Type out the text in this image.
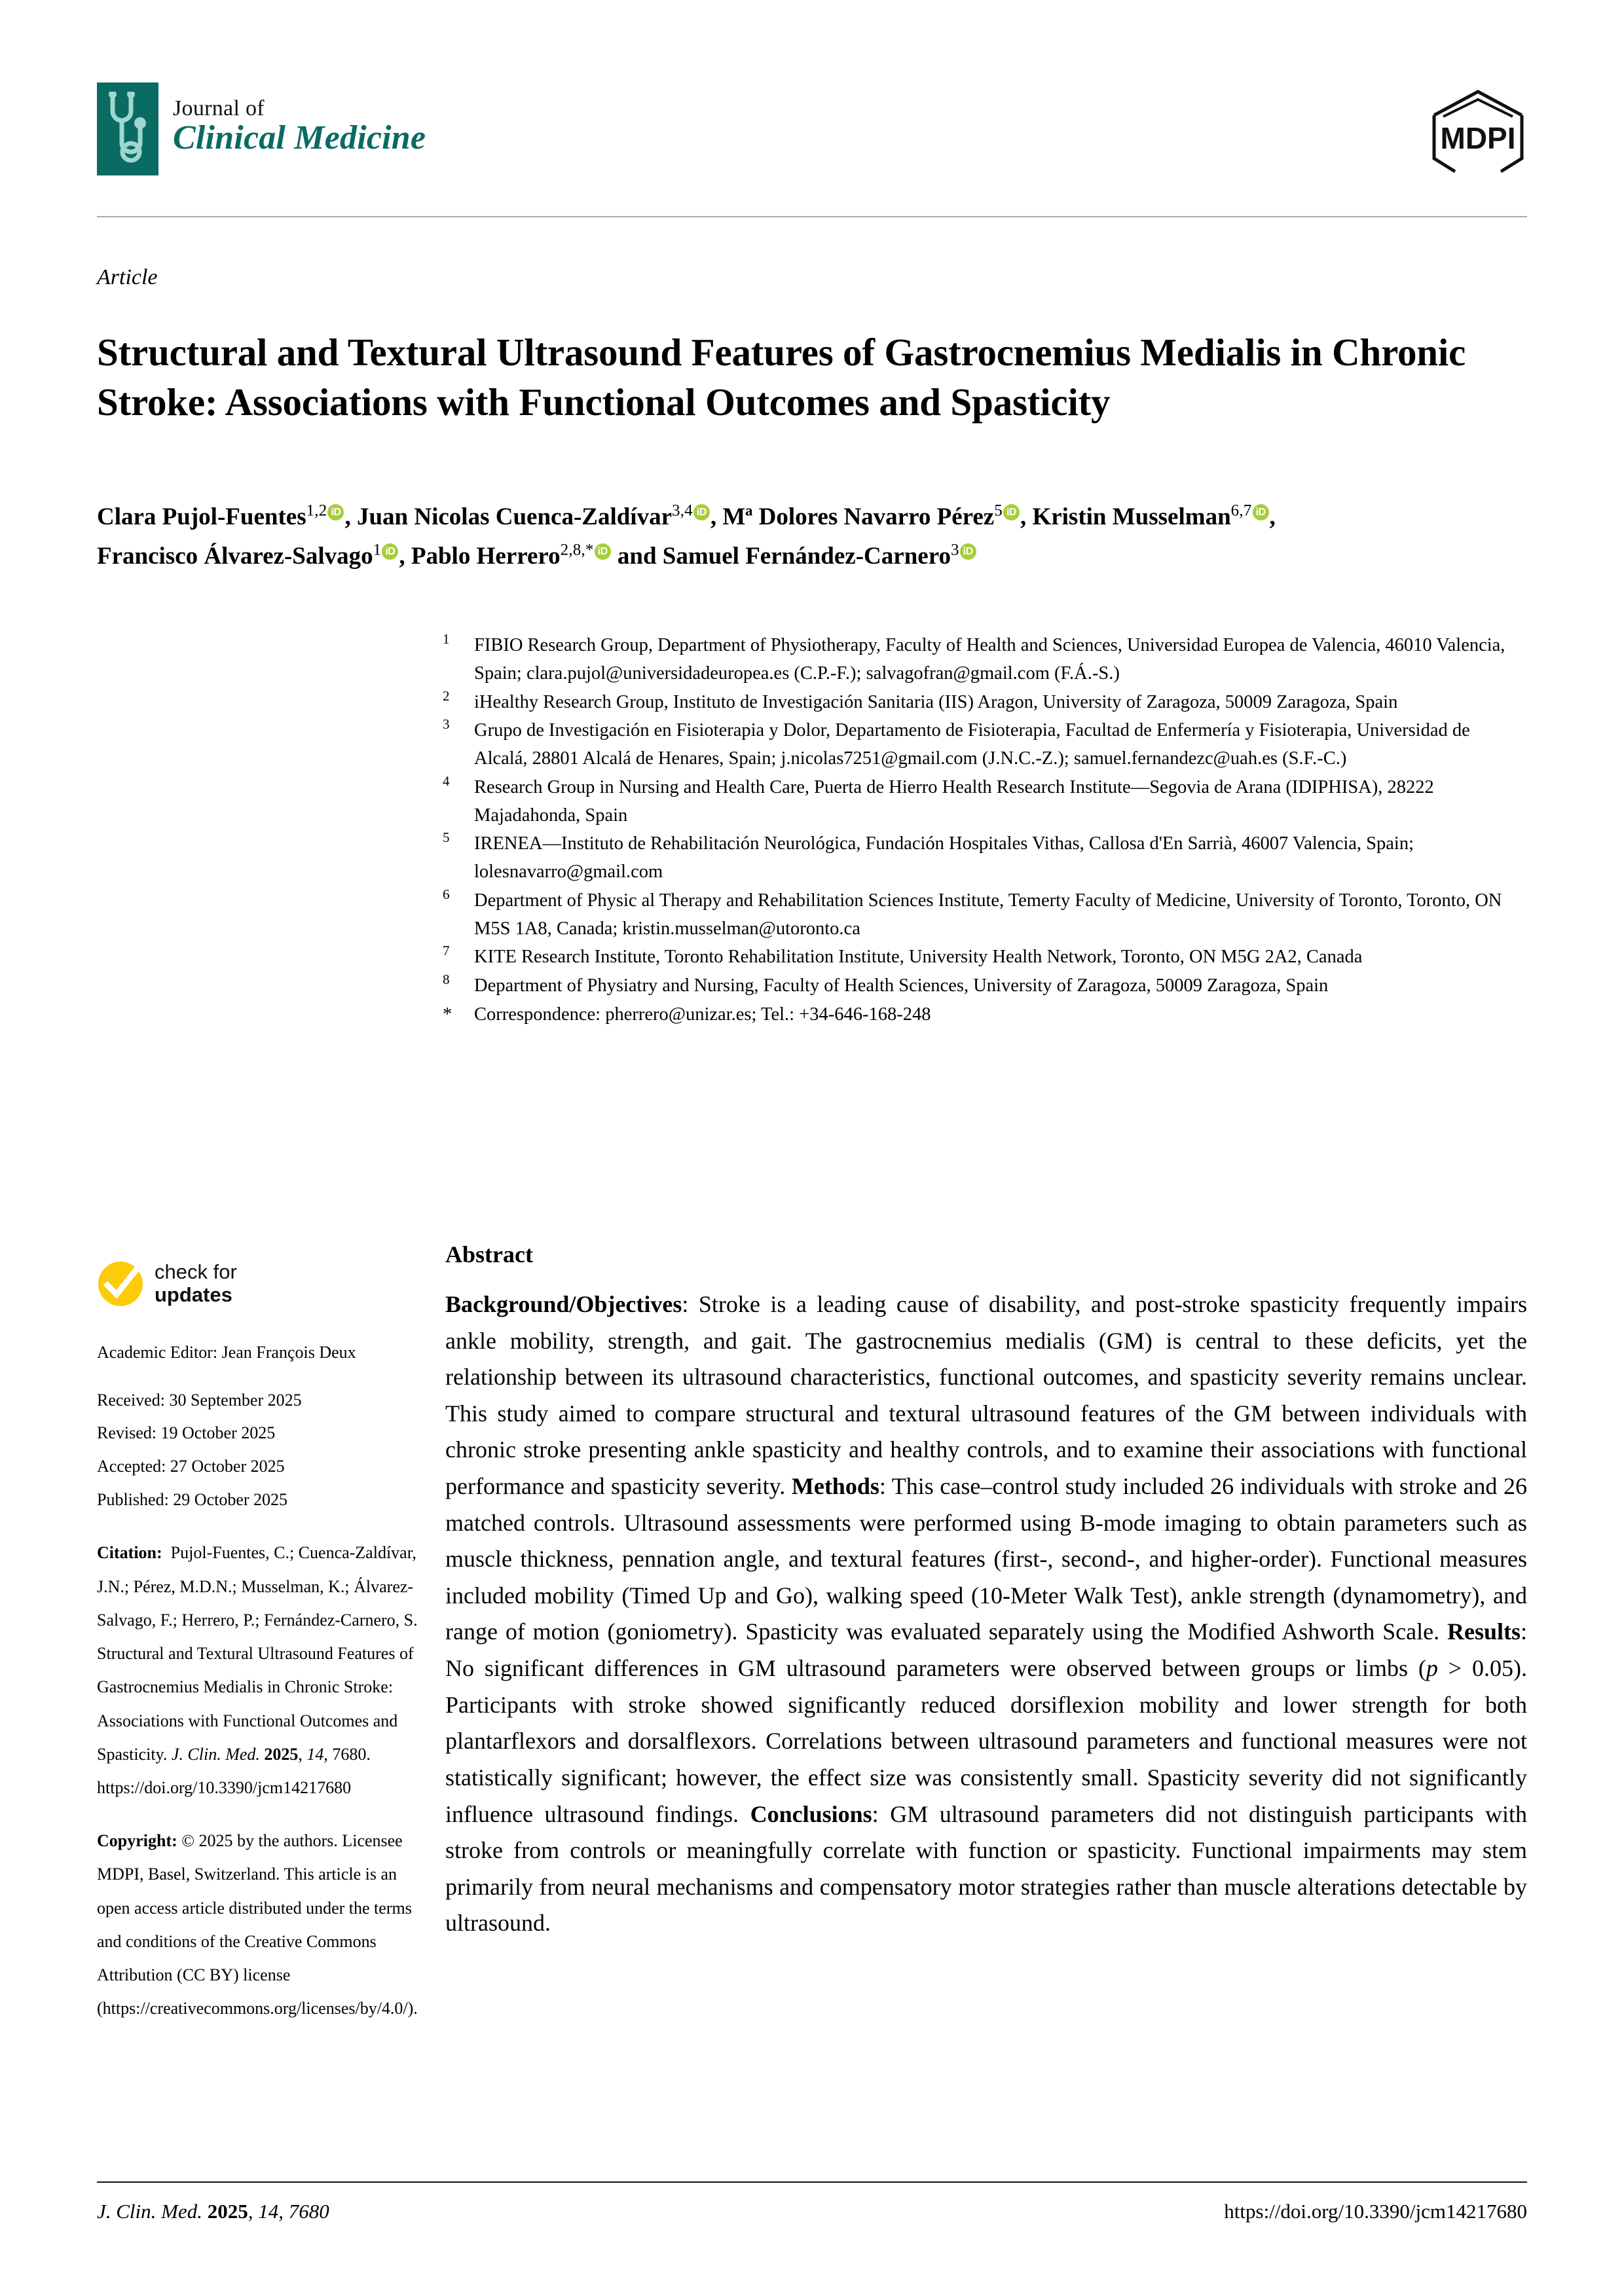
Journal of
Clinical Medicine	MDPI
Article
Structural and Textural Ultrasound Features of Gastrocnemius Medialis in Chronic Stroke: Associations with Functional Outcomes and Spasticity
Clara Pujol-Fuentes$^{1,2}$ iD , Juan Nicolas Cuenca-Zaldívar$^{3,4}$ iD , Mª Dolores Navarro Pérez$^5$ iD , Kristin Musselman$^{6,7}$ iD ,
Francisco Álvarez-Salvago$^1$ iD , Pablo Herrero$^{2,8,*}$ iD and Samuel Fernández-Carnero$^3$ iD
1	FIBIO Research Group, Department of Physiotherapy, Faculty of Health and Sciences, Universidad Europea de Valencia, 46010 Valencia, Spain; clara.pujol@universidadeuropea.es (C.P.-F.); salvagofran@gmail.com (F.Á.-S.)
2	iHealthy Research Group, Instituto de Investigación Sanitaria (IIS) Aragon, University of Zaragoza, 50009 Zaragoza, Spain
3	Grupo de Investigación en Fisioterapia y Dolor, Departamento de Fisioterapia, Facultad de Enfermería y Fisioterapia, Universidad de Alcalá, 28801 Alcalá de Henares, Spain; j.nicolas7251@gmail.com (J.N.C.-Z.); samuel.fernandezc@uah.es (S.F.-C.)
4	Research Group in Nursing and Health Care, Puerta de Hierro Health Research Institute—Segovia de Arana (IDIPHISA), 28222 Majadahonda, Spain
5	IRENEA—Instituto de Rehabilitación Neurológica, Fundación Hospitales Vithas, Callosa d'En Sarrià, 46007 Valencia, Spain; lolesnavarro@gmail.com
6	Department of Physic al Therapy and Rehabilitation Sciences Institute, Temerty Faculty of Medicine, University of Toronto, Toronto, ON M5S 1A8, Canada; kristin.musselman@utoronto.ca
7	KITE Research Institute, Toronto Rehabilitation Institute, University Health Network, Toronto, ON M5G 2A2, Canada
8	Department of Physiatry and Nursing, Faculty of Health Sciences, University of Zaragoza, 50009 Zaragoza, Spain
*	Correspondence: pherrero@unizar.es; Tel.: +34-646-168-248
check for
updates
Academic Editor: Jean François Deux
Received: 30 September 2025
Revised: 19 October 2025
Accepted: 27 October 2025
Published: 29 October 2025
Citation: Pujol-Fuentes, C.; Cuenca-Zaldívar, J.N.; Pérez, M.D.N.; Musselman, K.; Álvarez-Salvago, F.; Herrero, P.; Fernández-Carnero, S. Structural and Textural Ultrasound Features of Gastrocnemius Medialis in Chronic Stroke: Associations with Functional Outcomes and Spasticity. J. Clin. Med. 2025, 14, 7680. https://doi.org/10.3390/jcm14217680
Copyright: © 2025 by the authors. Licensee MDPI, Basel, Switzerland. This article is an open access article distributed under the terms and conditions of the Creative Commons Attribution (CC BY) license (https://creativecommons.org/licenses/by/4.0/).
Abstract
Background/Objectives: Stroke is a leading cause of disability, and post-stroke spasticity frequently impairs ankle mobility, strength, and gait. The gastrocnemius medialis (GM) is central to these deficits, yet the relationship between its ultrasound characteristics, functional outcomes, and spasticity severity remains unclear. This study aimed to compare structural and textural ultrasound features of the GM between individuals with chronic stroke presenting ankle spasticity and healthy controls, and to examine their associations with functional performance and spasticity severity. Methods: This case–control study included 26 individuals with stroke and 26 matched controls. Ultrasound assessments were performed using B-mode imaging to obtain parameters such as muscle thickness, pennation angle, and textural features (first-, second-, and higher-order). Functional measures included mobility (Timed Up and Go), walking speed (10-Meter Walk Test), ankle strength (dynamometry), and range of motion (goniometry). Spasticity was evaluated separately using the Modified Ashworth Scale. Results: No significant differences in GM ultrasound parameters were observed between groups or limbs (p > 0.05). Participants with stroke showed significantly reduced dorsiflexion mobility and lower strength for both plantarflexors and dorsalflexors. Correlations between ultrasound parameters and functional measures were not statistically significant; however, the effect size was consistently small. Spasticity severity did not significantly influence ultrasound findings. Conclusions: GM ultrasound parameters did not distinguish participants with stroke from controls or meaningfully correlate with function or spasticity. Functional impairments may stem primarily from neural mechanisms and compensatory motor strategies rather than muscle alterations detectable by ultrasound.
J. Clin. Med. 2025, 14, 7680	https://doi.org/10.3390/jcm14217680
